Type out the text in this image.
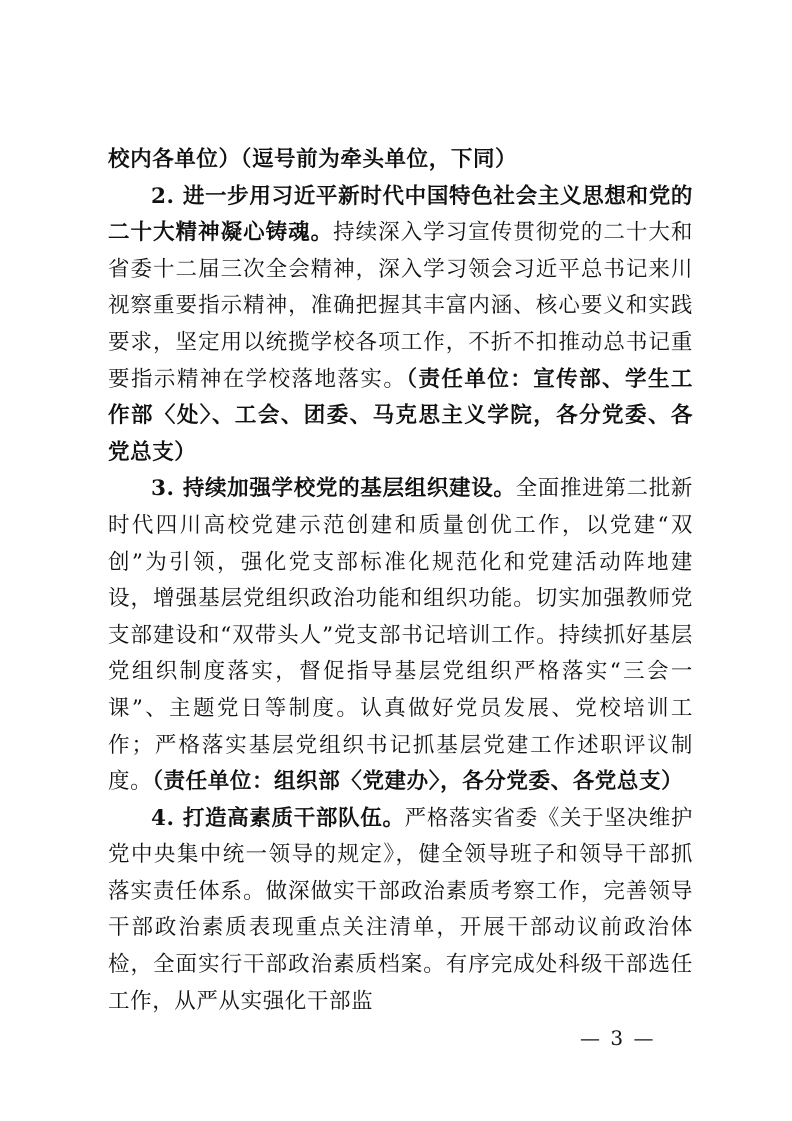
校内各单位）（逗号前为牵头单位，下同）

2. 进一步用习近平新时代中国特色社会主义思想和党的二十大精神凝心铸魂。持续深入学习宣传贯彻党的二十大和省委十二届三次全会精神，深入学习领会习近平总书记来川视察重要指示精神，准确把握其丰富内涵、核心要义和实践要求，坚定用以统揽学校各项工作，不折不扣推动总书记重要指示精神在学校落地落实。（责任单位：宣传部、学生工作部〈处〉、工会、团委、马克思主义学院，各分党委、各党总支）

3. 持续加强学校党的基层组织建设。全面推进第二批新时代四川高校党建示范创建和质量创优工作，以党建“双创”为引领，强化党支部标准化规范化和党建活动阵地建设，增强基层党组织政治功能和组织功能。切实加强教师党支部建设和“双带头人”党支部书记培训工作。持续抓好基层党组织制度落实，督促指导基层党组织严格落实“三会一课”、主题党日等制度。认真做好党员发展、党校培训工作；严格落实基层党组织书记抓基层党建工作述职评议制度。（责任单位：组织部〈党建办〉，各分党委、各党总支）

4. 打造高素质干部队伍。严格落实省委《关于坚决维护党中央集中统一领导的规定》，健全领导班子和领导干部抓落实责任体系。做深做实干部政治素质考察工作，完善领导干部政治素质表现重点关注清单，开展干部动议前政治体检，全面实行干部政治素质档案。有序完成处科级干部选任工作，从严从实强化干部监

— 3 —
